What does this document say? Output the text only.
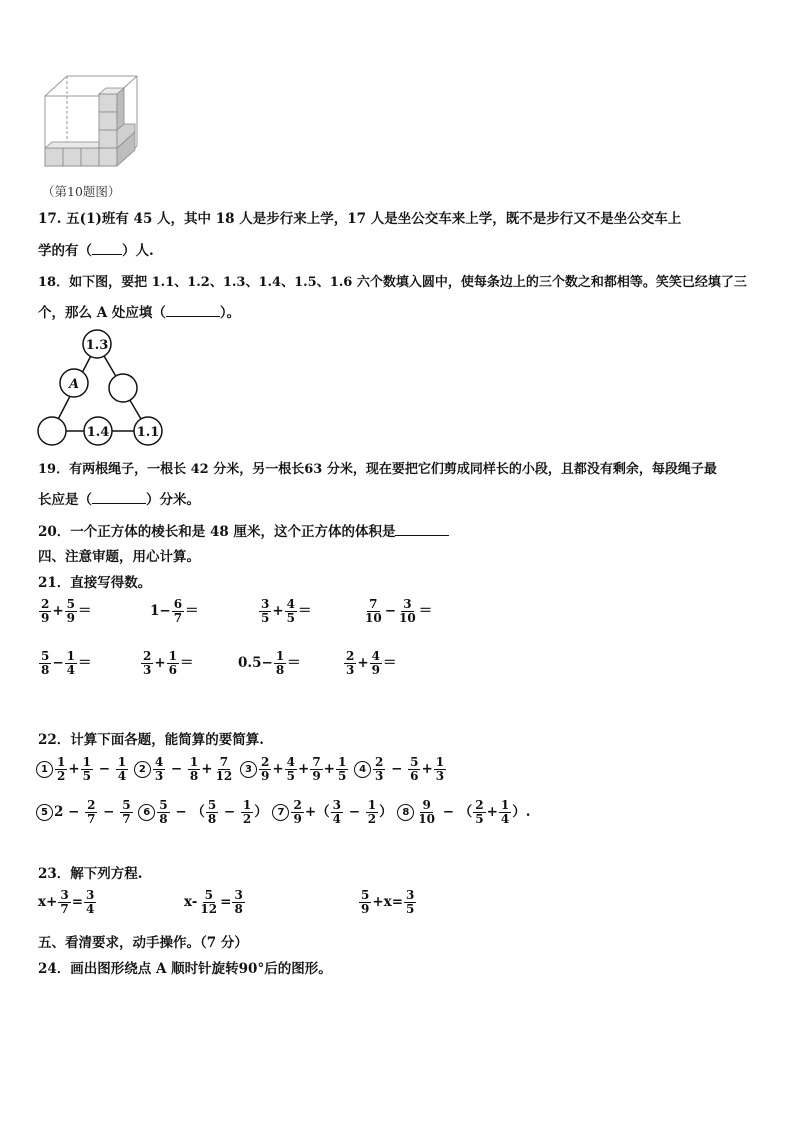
（第10题图）
17. 五(1)班有 45 人，其中 18 人是步行来上学，17 人是坐公交车来上学，既不是步行又不是坐公交车上
学的有（ ）人.
18．如下图，要把 1.1、1.2、1.3、1.4、1.5、1.6 六个数填入圆中，使每条边上的三个数之和都相等。笑笑已经填了三
个，那么 A 处应填（	）。
1.3
A
1.4 1.1
19．有两根绳子，一根长 42 分米，另一根长63 分米，现在要把它们剪成同样长的小段，且都没有剩余，每段绳子最
长应是（	）分米。
20．一个正方体的棱长和是 48 厘米，这个正方体的体积是
四、注意审题，用心计算。
21．直接写得数。
$\frac{2}{9} + \frac{5}{9}$ ＝	$1- \frac{6}{7}$ ＝	$\frac{3}{5} + \frac{4}{5}$ ＝	$\frac{7}{10} - \frac{3}{10}$ ＝
$\frac{5}{8} - \frac{1}{4}$ ＝	$\frac{2}{3} + \frac{1}{6}$ ＝	$0.5- \frac{1}{8}$ ＝	$\frac{2}{3} + \frac{4}{9}$ ＝
22．计算下面各题，能简算的要简算.
$1 \frac{1}{2} + \frac{1}{5} - \frac{1}{4} 2 \frac{4}{3} - \frac{1}{8} + \frac{7}{12} 3 \frac{2}{9} + \frac{4}{5} + \frac{7}{9} + \frac{1}{5} 4 \frac{2}{3} - \frac{5}{6} + \frac{1}{3}$
5 $2 - \frac{2}{7} - \frac{5}{7} 6 \frac{5}{8}$ − （ $\frac{5}{8} - \frac{1}{2}$ ） $7 \frac{2}{9}$ +（ $\frac{3}{4} - \frac{1}{2}$ ） $8 \frac{9}{10}$ − （ $\frac{2}{5} + \frac{1}{4}$ ）.
23．解下列方程.
$x+ \frac{3}{7} = \frac{3}{4}$	$x- \frac{5}{12} = \frac{3}{8}$	$\frac{5}{9} +x= \frac{3}{5}$
五、看清要求，动手操作。（7 分）
24．画出图形绕点 A 顺时针旋转90°后的图形。
